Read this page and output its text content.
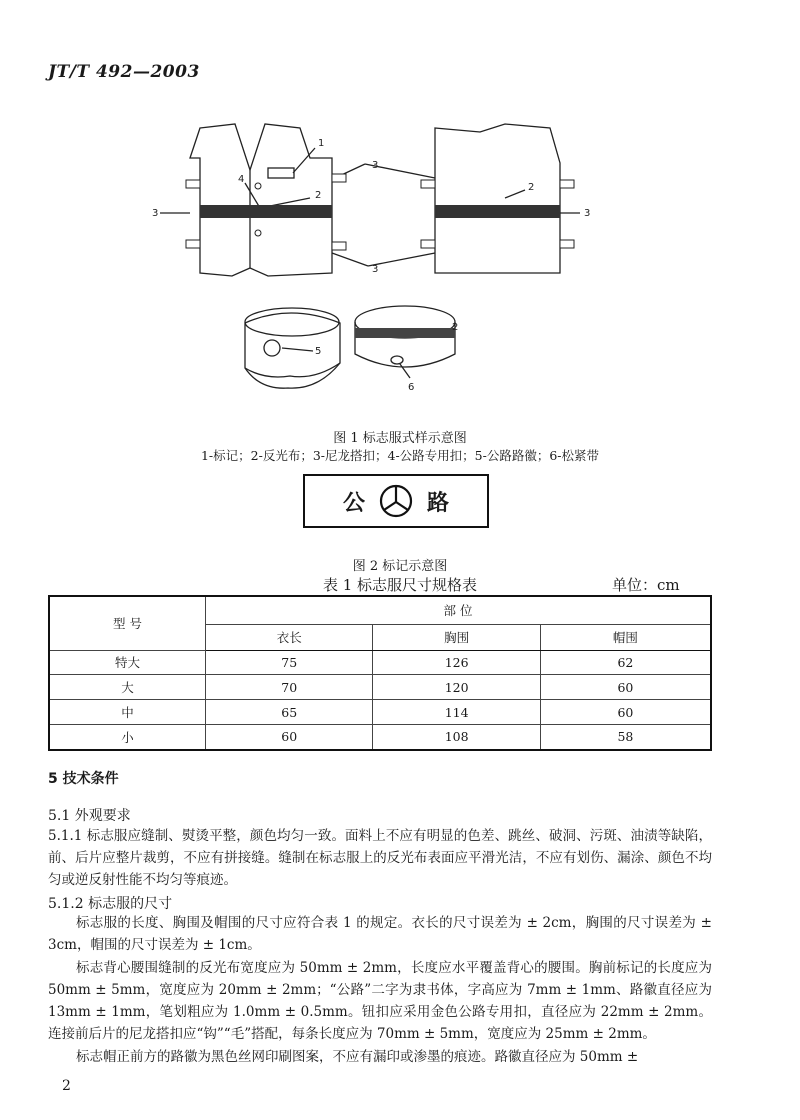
JT/T 492—2003
1
2
3
3
3
3
2
4
2
5
6
图 1 标志服式样示意图
1-标记；2-反光布；3-尼龙搭扣；4-公路专用扣；5-公路路徽；6-松紧带
公	路
图 2 标记示意图
表 1 标志服尺寸规格表	单位：cm
型 号	部 位		
	衣长	胸围	帽围
特大	75	126	62
大	70	120	60
中	65	114	60
小	60	108	58
5 技术条件
5.1 外观要求
5.1.1 标志服应缝制、熨烫平整，颜色均匀一致。面料上不应有明显的色差、跳丝、破洞、污斑、油渍等缺陷，前、后片应整片裁剪，不应有拼接缝。缝制在标志服上的反光布表面应平滑光洁，不应有划伤、漏涂、颜色不均匀或逆反射性能不均匀等痕迹。
5.1.2 标志服的尺寸
标志服的长度、胸围及帽围的尺寸应符合表 1 的规定。衣长的尺寸误差为 ± 2cm，胸围的尺寸误差为 ± 3cm，帽围的尺寸误差为 ± 1cm。
标志背心腰围缝制的反光布宽度应为 50mm ± 2mm，长度应水平覆盖背心的腰围。胸前标记的长度应为 50mm ± 5mm，宽度应为 20mm ± 2mm；“公路”二字为隶书体，字高应为 7mm ± 1mm、路徽直径应为 13mm ± 1mm，笔划粗应为 1.0mm ± 0.5mm。钮扣应采用金色公路专用扣，直径应为 22mm ± 2mm。连接前后片的尼龙搭扣应“钩”“毛”搭配，每条长度应为 70mm ± 5mm，宽度应为 25mm ± 2mm。
标志帽正前方的路徽为黑色丝网印刷图案，不应有漏印或渗墨的痕迹。路徽直径应为 50mm ±
2
